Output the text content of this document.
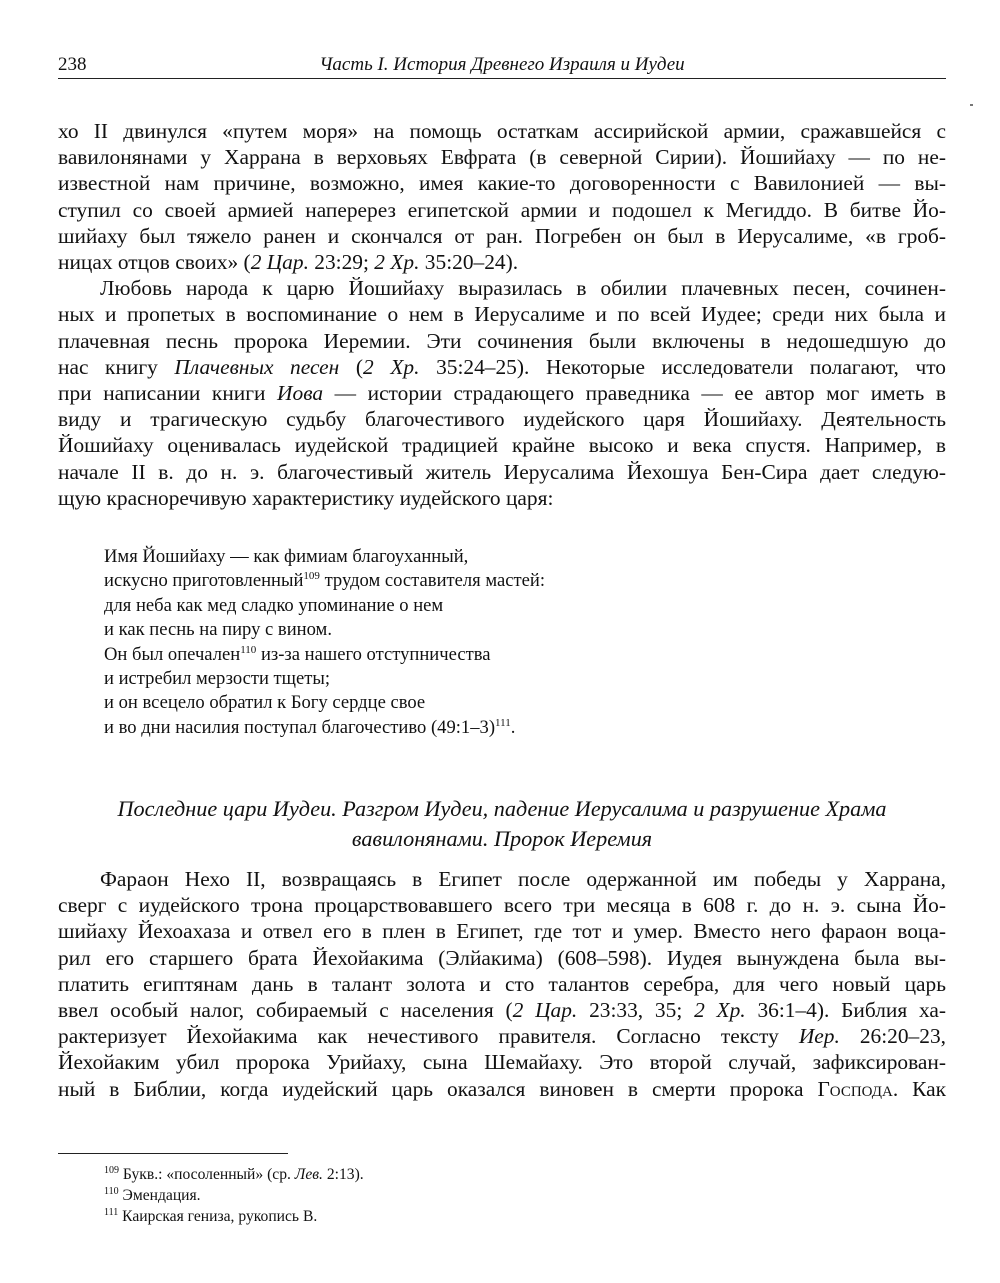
238	Часть I. История Древнего Израиля и Иудеи

хо II двинулся «путем моря» на помощь остаткам ассирийской армии, сражавшейся с
вавилонянами у Харрана в верховьях Евфрата (в северной Сирии). Йошийаху — по не-
известной нам причине, возможно, имея какие-то договоренности с Вавилонией — вы-
ступил со своей армией наперерез египетской армии и подошел к Мегиддо. В битве Йо-
шийаху был тяжело ранен и скончался от ран. Погребен он был в Иерусалиме, «в гроб-
ницах отцов своих» (2 Цар. 23:29; 2 Хр. 35:20–24).

Любовь народа к царю Йошийаху выразилась в обилии плачевных песен, сочинен-
ных и пропетых в воспоминание о нем в Иерусалиме и по всей Иудее; среди них была и
плачевная песнь пророка Иеремии. Эти сочинения были включены в недошедшую до
нас книгу Плачевных песен (2 Хр. 35:24–25). Некоторые исследователи полагают, что
при написании книги Иова — истории страдающего праведника — ее автор мог иметь в
виду и трагическую судьбу благочестивого иудейского царя Йошийаху. Деятельность
Йошийаху оценивалась иудейской традицией крайне высоко и века спустя. Например, в
начале II в. до н. э. благочестивый житель Иерусалима Йехошуа Бен-Сира дает следую-
щую красноречивую характеристику иудейского царя:

Имя Йошийаху — как фимиам благоуханный,
искусно приготовленный$^{109}$ трудом составителя мастей:
для неба как мед сладко упоминание о нем
и как песнь на пиру с вином.
Он был опечален$^{110}$ из-за нашего отступничества
и истребил мерзости тщеты;
и он всецело обратил к Богу сердце свое
и во дни насилия поступал благочестиво (49:1–3)$^{111}$.
Последние цари Иудеи. Разгром Иудеи, падение Иерусалима и разрушение Храма
вавилонянами. Пророк Иеремия
Фараон Нехо II, возвращаясь в Египет после одержанной им победы у Харрана,
сверг с иудейского трона процарствовавшего всего три месяца в 608 г. до н. э. сына Йо-
шийаху Йехоахаза и отвел его в плен в Египет, где тот и умер. Вместо него фараон воца-
рил его старшего брата Йехойакима (Элйакима) (608–598). Иудея вынуждена была вы-
платить египтянам дань в талант золота и сто талантов серебра, для чего новый царь
ввел особый налог, собираемый с населения (2 Цар. 23:33, 35; 2 Хр. 36:1–4). Библия ха-
рактеризует Йехойакима как нечестивого правителя. Согласно тексту Иер. 26:20–23,
Йехойаким убил пророка Урийаху, сына Шемайаху. Это второй случай, зафиксирован-
ный в Библии, когда иудейский царь оказался виновен в смерти пророка Господа. Как
$^{109}$ Букв.: «посоленный» (ср. Лев. 2:13).
$^{110}$ Эмендация.
$^{111}$ Каирская гениза, рукопись В.
